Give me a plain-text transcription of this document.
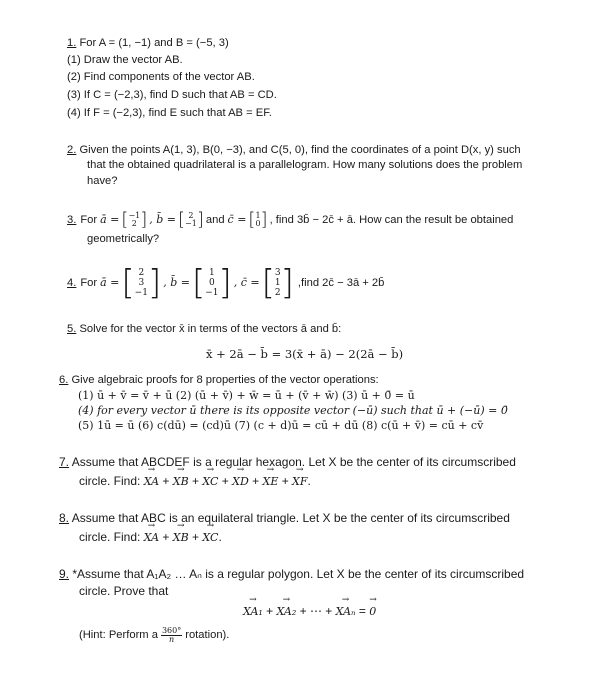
1. For A = (1, −1) and B = (−5, 3)
(1) Draw the vector AB.
(2) Find components of the vector AB.
(3) If C = (−2,3), find D such that AB = CD.
(4) If F = (−2,3), find E such that AB = EF.
2. Given the points A(1, 3), B(0, −3), and C(5, 0), find the coordinates of a point D(x, y) such
that the obtained quadrilateral is a parallelogram. How many solutions does the problem
have?
3. For ā = [ −1
2 ] , b̄ = [ 2
−1 ] and c̄ = [ 1
0 ] , find 3b̄ − 2c̄ + ā. How can the result be obtained
geometrically?
4. For ā = [ 2
3
−1 ] , b̄ = [ 1
0
−1 ] , c̄ = [ 3
1
2 ] , find 2c̄ − 3ā + 2b̄
5. Solve for the vector x̄ in terms of the vectors ā and b̄:
x̄ + 2ā − b̄ = 3(x̄ + ā) − 2(2ā − b̄)
6. Give algebraic proofs for 8 properties of the vector operations:
(1) ū + v̄ = v̄ + ū (2) (ū + v̄) + w̄ = ū + (v̄ + w̄) (3) ū + 0̄ = ū
(4) for every vector ū there is its opposite vector (−ū) such that ū + (−ū) = 0̄
(5) 1ū = ū (6) c(dū) = (cd)ū (7) (c + d)ū = cū + dū (8) c(ū + v̄) = cū + cv̄
7. Assume that ABCDEF is a regular hexagon. Let X be the center of its circumscribed
circle. Find: XA → + XB → + XC → + XD → + XE → + XF →.
8. Assume that ABC is an equilateral triangle. Let X be the center of its circumscribed
circle. Find: XA → + XB → + XC →.
9. *Assume that A₁A₂ … Aₙ is a regular polygon. Let X be the center of its circumscribed
circle. Prove that
XA₁ → + XA₂ → + ⋯ + XAₙ → = 0 →
(Hint: Perform a $\frac{360^\circ}{n}$ rotation).
